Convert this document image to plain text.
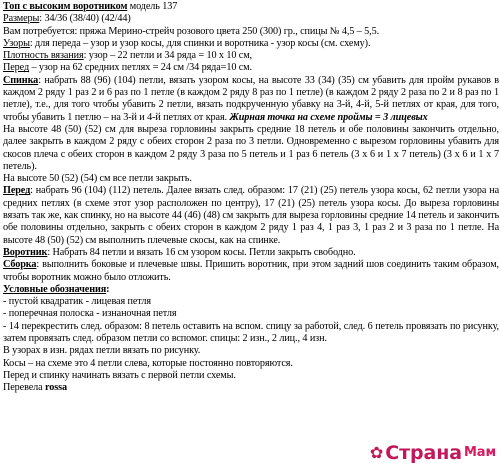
Топ с высоким воротником модель 137

Размеры: 34/36 (38/40) (42/44)

Вам потребуется: пряжа Мерино-стрейч розового цвета 250 (300) гр., спицы № 4,5 – 5,5.

Узоры: для переда – узор и узор косы, для спинки и воротника - узор косы (см. схему).

Плотность вязания: узор – 22 петли и 34 ряда = 10 х 10 см,

Перед – узор на 62 средних петлях = 24 см /34 ряда=10 см.

Спинка: набрать 88 (96) (104) петли, вязать узором косы, на высоте 33 (34) (35) см убавить для пройм рукавов в каждом 2 ряду 1 раз 2 и 6 раз по 1 петле (в каждом 2 ряду 8 раз по 1 петле) (в каждом 2 ряду 2 раза по 2 и 8 раз по 1 петле), т.е., для того чтобы убавить 2 петли, вязать подкрученную убавку на 3-й, 4-й, 5-й петлях от края, для того, чтобы убавить 1 петлю – на 3-й и 4-й петлях от края. Жирная точка на схеме проймы = 3 лицевых

На высоте 48 (50) (52) см для выреза горловины закрыть средние 18 петель и обе половины закончить отдельно, далее закрыть в каждом 2 ряду с обеих сторон 2 раза по 3 петли. Одновременно с вырезом горловины убавить для скосов плеча с обеих сторон в каждом 2 ряду 3 раза по 5 петель и 1 раз 6 петель (3 х 6 и 1 х 7 петель) (3 х 6 и 1 х 7 петель).

На высоте 50 (52) (54) см все петли закрыть.

Перед: набрать 96 (104) (112) петель. Далее вязать след. образом: 17 (21) (25) петель узора косы, 62 петли узора на средних петлях (в схеме этот узор расположен по центру), 17 (21) (25) петель узора косы. До выреза горловины вязать так же, как спинку, но на высоте 44 (46) (48) см закрыть для выреза горловины средние 14 петель и закончить обе половины отдельно, закрыть с обеих сторон в каждом 2 ряду 1 раз 4, 1 раз 3, 1 раз 2 и 3 раза по 1 петле. На высоте 48 (50) (52) см выполнить плечевые скосы, как на спинке.

Воротник: Набрать 84 петли и вязать 16 см узором косы. Петли закрыть свободно.

Сборка: выполнить боковые и плечевые швы. Пришить воротник, при этом задний шов соединить таким образом, чтобы воротник можно было отложить.

Условные обозначения:

- пустой квадратик - лицевая петля

- поперечная полоска - изнаночная петля

- 14 перекрестить след. образом: 8 петель оставить на вспом. спицу за работой, след. 6 петель провязать по рисунку, затем провязать след. образом петли со вспомог. спицы: 2 изн., 2 лиц., 4 изн.

В узорах в изн. рядах петли вязать по рисунку.

Косы – на схеме это 4 петли слева, которые постоянно повторяются.

Перед и спинку начинать вязать с первой петли схемы.

Перевела rossa

✿ Страна Мам
